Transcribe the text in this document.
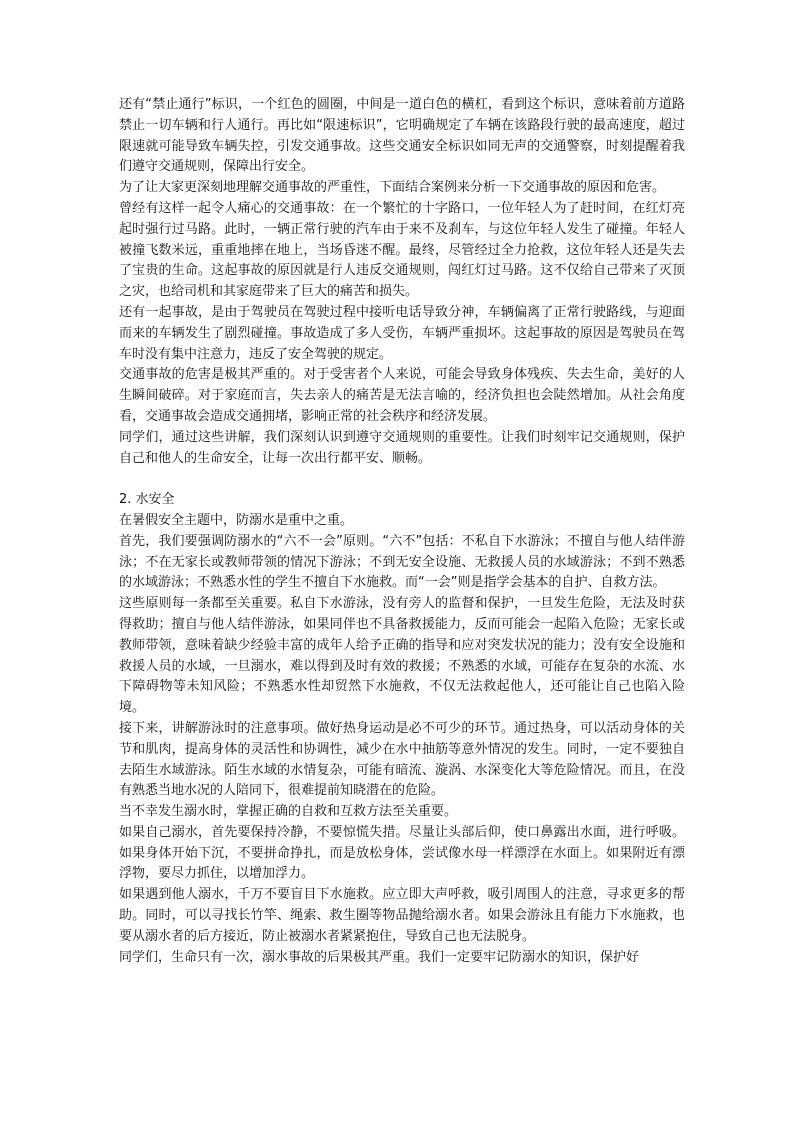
还有“禁止通行”标识，一个红色的圆圈，中间是一道白色的横杠，看到这个标识，意味着前方道路禁止一切车辆和行人通行。再比如“限速标识”，它明确规定了车辆在该路段行驶的最高速度，超过限速就可能导致车辆失控，引发交通事故。这些交通安全标识如同无声的交通警察，时刻提醒着我们遵守交通规则，保障出行安全。

为了让大家更深刻地理解交通事故的严重性，下面结合案例来分析一下交通事故的原因和危害。

曾经有这样一起令人痛心的交通事故：在一个繁忙的十字路口，一位年轻人为了赶时间，在红灯亮起时强行过马路。此时，一辆正常行驶的汽车由于来不及刹车，与这位年轻人发生了碰撞。年轻人被撞飞数米远，重重地摔在地上，当场昏迷不醒。最终，尽管经过全力抢救，这位年轻人还是失去了宝贵的生命。这起事故的原因就是行人违反交通规则，闯红灯过马路。这不仅给自己带来了灭顶之灾，也给司机和其家庭带来了巨大的痛苦和损失。

还有一起事故，是由于驾驶员在驾驶过程中接听电话导致分神，车辆偏离了正常行驶路线，与迎面而来的车辆发生了剧烈碰撞。事故造成了多人受伤，车辆严重损坏。这起事故的原因是驾驶员在驾车时没有集中注意力，违反了安全驾驶的规定。

交通事故的危害是极其严重的。对于受害者个人来说，可能会导致身体残疾、失去生命，美好的人生瞬间破碎。对于家庭而言，失去亲人的痛苦是无法言喻的，经济负担也会陡然增加。从社会角度看，交通事故会造成交通拥堵，影响正常的社会秩序和经济发展。

同学们，通过这些讲解，我们深刻认识到遵守交通规则的重要性。让我们时刻牢记交通规则，保护自己和他人的生命安全，让每一次出行都平安、顺畅。

2. 水安全

在暑假安全主题中，防溺水是重中之重。

首先，我们要强调防溺水的“六不一会”原则。“六不”包括：不私自下水游泳；不擅自与他人结伴游泳；不在无家长或教师带领的情况下游泳；不到无安全设施、无救援人员的水域游泳；不到不熟悉的水域游泳；不熟悉水性的学生不擅自下水施救。而“一会”则是指学会基本的自护、自救方法。

这些原则每一条都至关重要。私自下水游泳，没有旁人的监督和保护，一旦发生危险，无法及时获得救助；擅自与他人结伴游泳，如果同伴也不具备救援能力，反而可能会一起陷入危险；无家长或教师带领，意味着缺少经验丰富的成年人给予正确的指导和应对突发状况的能力；没有安全设施和救援人员的水域，一旦溺水，难以得到及时有效的救援；不熟悉的水域，可能存在复杂的水流、水下障碍物等未知风险；不熟悉水性却贸然下水施救，不仅无法救起他人，还可能让自己也陷入险境。

接下来，讲解游泳时的注意事项。做好热身运动是必不可少的环节。通过热身，可以活动身体的关节和肌肉，提高身体的灵活性和协调性，减少在水中抽筋等意外情况的发生。同时，一定不要独自去陌生水域游泳。陌生水域的水情复杂，可能有暗流、漩涡、水深变化大等危险情况。而且，在没有熟悉当地水况的人陪同下，很难提前知晓潜在的危险。

当不幸发生溺水时，掌握正确的自救和互救方法至关重要。

如果自己溺水，首先要保持冷静，不要惊慌失措。尽量让头部后仰，使口鼻露出水面，进行呼吸。如果身体开始下沉，不要拼命挣扎，而是放松身体，尝试像水母一样漂浮在水面上。如果附近有漂浮物，要尽力抓住，以增加浮力。

如果遇到他人溺水，千万不要盲目下水施救。应立即大声呼救，吸引周围人的注意，寻求更多的帮助。同时，可以寻找长竹竿、绳索、救生圈等物品抛给溺水者。如果会游泳且有能力下水施救，也要从溺水者的后方接近，防止被溺水者紧紧抱住，导致自己也无法脱身。

同学们，生命只有一次，溺水事故的后果极其严重。我们一定要牢记防溺水的知识，保护好
